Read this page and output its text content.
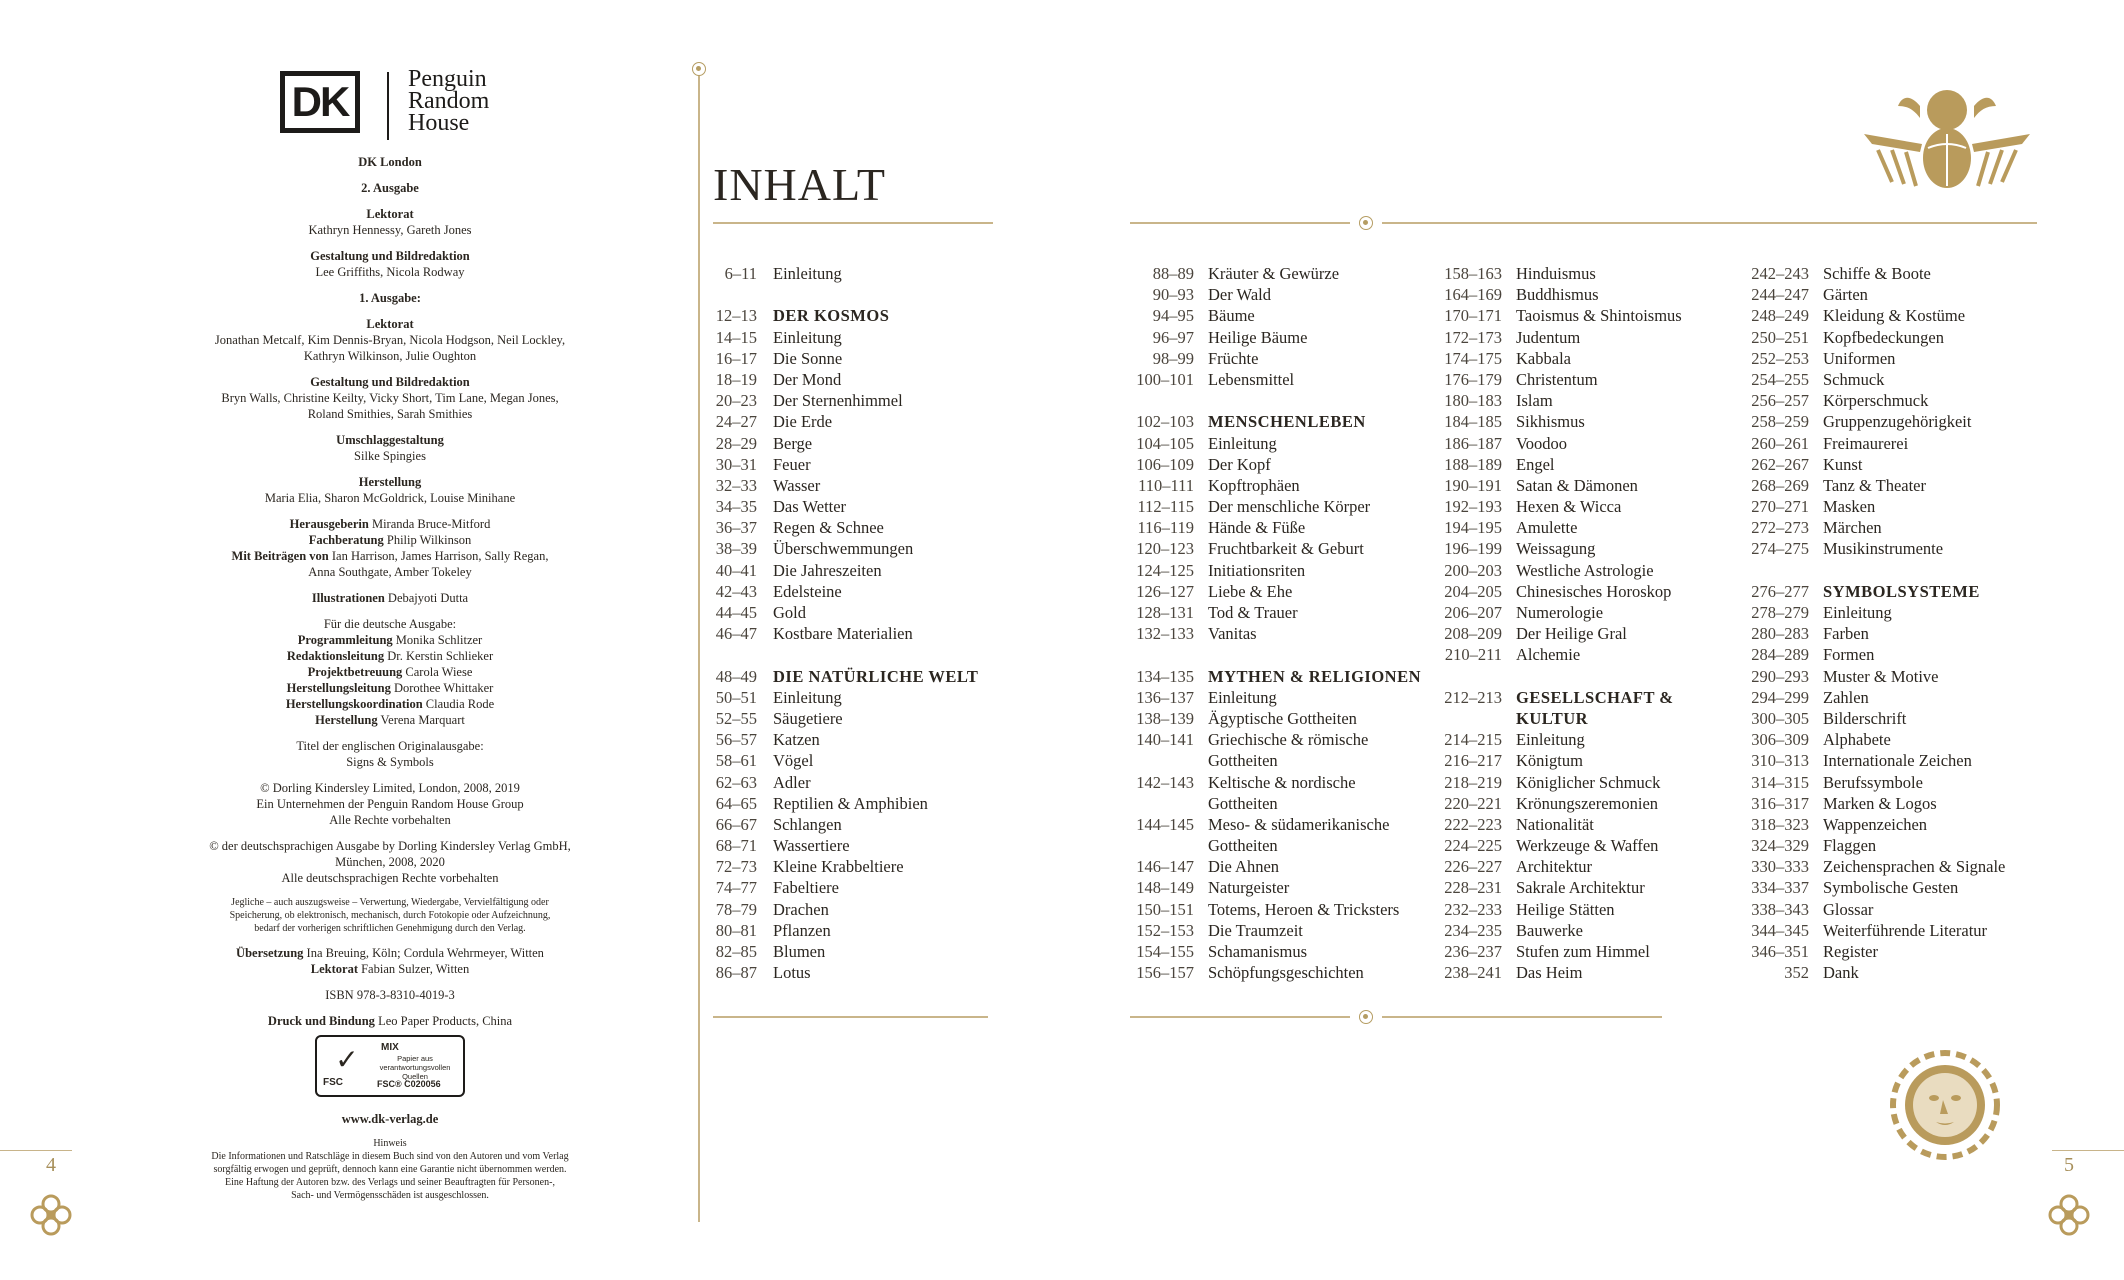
DK	Penguin
Random
House
DK London
2. Ausgabe
Lektorat
Kathryn Hennessy, Gareth Jones
Gestaltung und Bildredaktion
Lee Griffiths, Nicola Rodway
1. Ausgabe:
Lektorat
Jonathan Metcalf, Kim Dennis-Bryan, Nicola Hodgson, Neil Lockley,
Kathryn Wilkinson, Julie Oughton
Gestaltung und Bildredaktion
Bryn Walls, Christine Keilty, Vicky Short, Tim Lane, Megan Jones,
Roland Smithies, Sarah Smithies
Umschlaggestaltung
Silke Spingies
Herstellung
Maria Elia, Sharon McGoldrick, Louise Minihane
Herausgeberin Miranda Bruce-Mitford
Fachberatung Philip Wilkinson
Mit Beiträgen von Ian Harrison, James Harrison, Sally Regan,
Anna Southgate, Amber Tokeley
Illustrationen Debajyoti Dutta
Für die deutsche Ausgabe:
Programmleitung Monika Schlitzer
Redaktionsleitung Dr. Kerstin Schlieker
Projektbetreuung Carola Wiese
Herstellungsleitung Dorothee Whittaker
Herstellungskoordination Claudia Rode
Herstellung Verena Marquart
Titel der englischen Originalausgabe:
Signs & Symbols
© Dorling Kindersley Limited, London, 2008, 2019
Ein Unternehmen der Penguin Random House Group
Alle Rechte vorbehalten
© der deutschsprachigen Ausgabe by Dorling Kindersley Verlag GmbH,
München, 2008, 2020
Alle deutschsprachigen Rechte vorbehalten
Jegliche – auch auszugsweise – Verwertung, Wiedergabe, Vervielfältigung oder
Speicherung, ob elektronisch, mechanisch, durch Fotokopie oder Aufzeichnung,
bedarf der vorherigen schriftlichen Genehmigung durch den Verlag.
Übersetzung Ina Breuing, Köln; Cordula Wehrmeyer, Witten
Lektorat Fabian Sulzer, Witten
ISBN 978-3-8310-4019-3
Druck und Bindung Leo Paper Products, China
✓
FSC
MIX
Papier aus verantwortungsvollen Quellen
FSC® C020056
www.dk-verlag.de
Hinweis
Die Informationen und Ratschläge in diesem Buch sind von den Autoren und vom Verlag
sorgfältig erwogen und geprüft, dennoch kann eine Garantie nicht übernommen werden.
Eine Haftung der Autoren bzw. des Verlags und seiner Beauftragten für Personen-,
Sach- und Vermögensschäden ist ausgeschlossen.
4
INHALT
6–11 Einleitung
12–13 DER KOSMOS
14–15 Einleitung
16–17 Die Sonne
18–19 Der Mond
20–23 Der Sternenhimmel
24–27 Die Erde
28–29 Berge
30–31 Feuer
32–33 Wasser
34–35 Das Wetter
36–37 Regen & Schnee
38–39 Überschwemmungen
40–41 Die Jahreszeiten
42–43 Edelsteine
44–45 Gold
46–47 Kostbare Materialien
48–49 DIE NATÜRLICHE WELT
50–51 Einleitung
52–55 Säugetiere
56–57 Katzen
58–61 Vögel
62–63 Adler
64–65 Reptilien & Amphibien
66–67 Schlangen
68–71 Wassertiere
72–73 Kleine Krabbeltiere
74–77 Fabeltiere
78–79 Drachen
80–81 Pflanzen
82–85 Blumen
86–87 Lotus
88–89 Kräuter & Gewürze
90–93 Der Wald
94–95 Bäume
96–97 Heilige Bäume
98–99 Früchte
100–101 Lebensmittel
102–103 MENSCHENLEBEN
104–105 Einleitung
106–109 Der Kopf
110–111 Kopftrophäen
112–115 Der menschliche Körper
116–119 Hände & Füße
120–123 Fruchtbarkeit & Geburt
124–125 Initiationsriten
126–127 Liebe & Ehe
128–131 Tod & Trauer
132–133 Vanitas
134–135 MYTHEN & RELIGIONEN
136–137 Einleitung
138–139 Ägyptische Gottheiten
140–141 Griechische & römische
Gottheiten
142–143 Keltische & nordische
Gottheiten
144–145 Meso- & südamerikanische
Gottheiten
146–147 Die Ahnen
148–149 Naturgeister
150–151 Totems, Heroen & Tricksters
152–153 Die Traumzeit
154–155 Schamanismus
156–157 Schöpfungsgeschichten
158–163 Hinduismus
164–169 Buddhismus
170–171 Taoismus & Shintoismus
172–173 Judentum
174–175 Kabbala
176–179 Christentum
180–183 Islam
184–185 Sikhismus
186–187 Voodoo
188–189 Engel
190–191 Satan & Dämonen
192–193 Hexen & Wicca
194–195 Amulette
196–199 Weissagung
200–203 Westliche Astrologie
204–205 Chinesisches Horoskop
206–207 Numerologie
208–209 Der Heilige Gral
210–211 Alchemie
212–213 GESELLSCHAFT &
KULTUR
214–215 Einleitung
216–217 Königtum
218–219 Königlicher Schmuck
220–221 Krönungszeremonien
222–223 Nationalität
224–225 Werkzeuge & Waffen
226–227 Architektur
228–231 Sakrale Architektur
232–233 Heilige Stätten
234–235 Bauwerke
236–237 Stufen zum Himmel
238–241 Das Heim
242–243 Schiffe & Boote
244–247 Gärten
248–249 Kleidung & Kostüme
250–251 Kopfbedeckungen
252–253 Uniformen
254–255 Schmuck
256–257 Körperschmuck
258–259 Gruppenzugehörigkeit
260–261 Freimaurerei
262–267 Kunst
268–269 Tanz & Theater
270–271 Masken
272–273 Märchen
274–275 Musikinstrumente
276–277 SYMBOLSYSTEME
278–279 Einleitung
280–283 Farben
284–289 Formen
290–293 Muster & Motive
294–299 Zahlen
300–305 Bilderschrift
306–309 Alphabete
310–313 Internationale Zeichen
314–315 Berufssymbole
316–317 Marken & Logos
318–323 Wappenzeichen
324–329 Flaggen
330–333 Zeichensprachen & Signale
334–337 Symbolische Gesten
338–343 Glossar
344–345 Weiterführende Literatur
346–351 Register
352 Dank
5
